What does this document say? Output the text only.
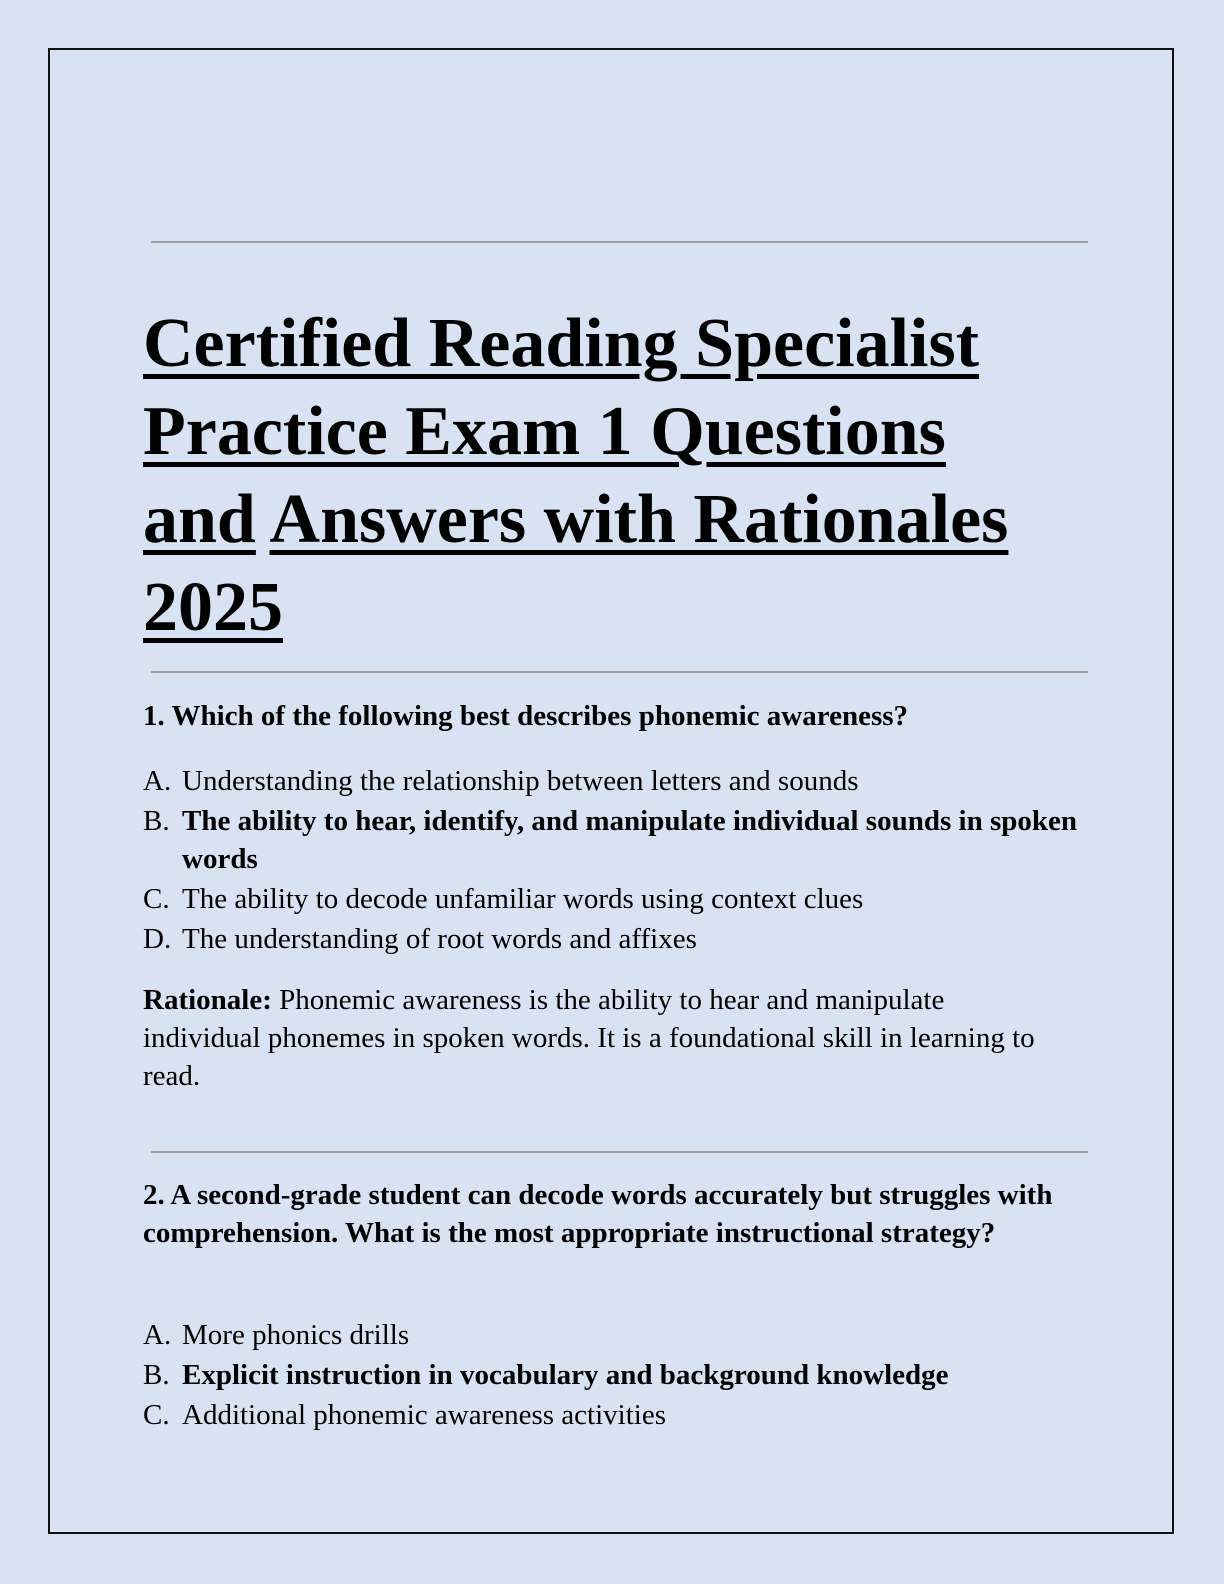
Certified Reading Specialist
Practice Exam 1 Questions
and Answers with Rationales
2025

1. Which of the following best describes phonemic awareness?

A. Understanding the relationship between letters and sounds
B. The ability to hear, identify, and manipulate individual sounds in spoken words
C. The ability to decode unfamiliar words using context clues
D. The understanding of root words and affixes

Rationale: Phonemic awareness is the ability to hear and manipulate individual phonemes in spoken words. It is a foundational skill in learning to read.

2. A second-grade student can decode words accurately but struggles with comprehension. What is the most appropriate instructional strategy?

A. More phonics drills
B. Explicit instruction in vocabulary and background knowledge
C. Additional phonemic awareness activities
